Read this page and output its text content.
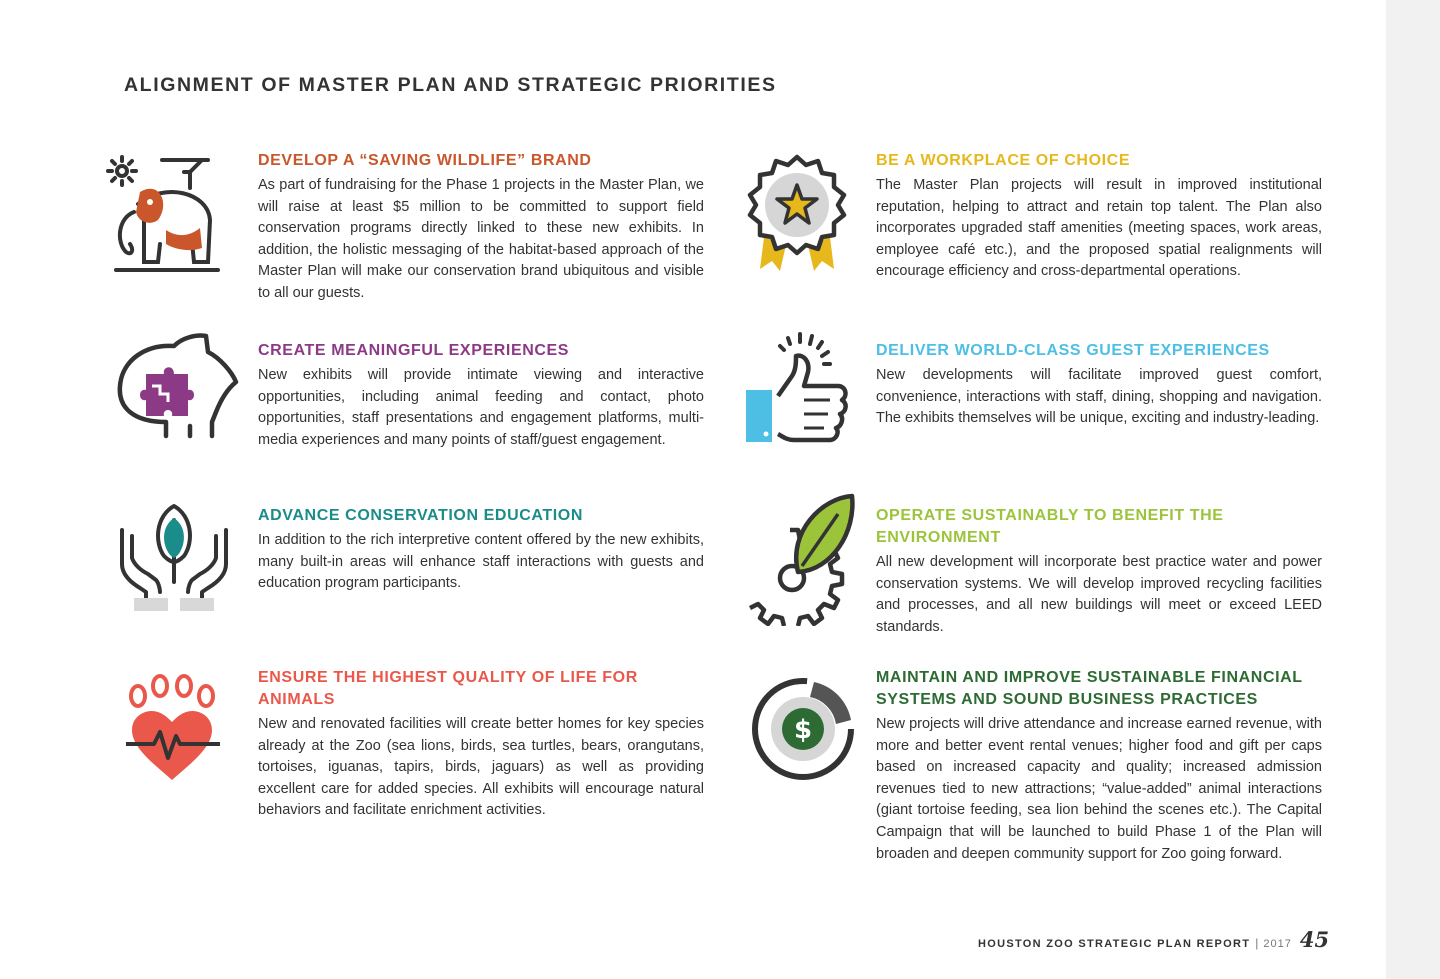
ALIGNMENT OF MASTER PLAN AND STRATEGIC PRIORITIES
DEVELOP A “SAVING WILDLIFE” BRAND

As part of fundraising for the Phase 1 projects in the Master Plan, we will raise at least $5 million to be committed to support field conservation programs directly linked to these new exhibits. In addition, the holistic messaging of the habitat-based approach of the Master Plan will make our conservation brand ubiquitous and visible to all our guests.

CREATE MEANINGFUL EXPERIENCES

New exhibits will provide intimate viewing and interactive opportunities, including animal feeding and contact, photo opportunities, staff presentations and engagement platforms, multi-media experiences and many points of staff/guest engagement.

ADVANCE CONSERVATION EDUCATION

In addition to the rich interpretive content offered by the new exhibits, many built-in areas will enhance staff interactions with guests and education program participants.

ENSURE THE HIGHEST QUALITY OF LIFE FOR ANIMALS

New and renovated facilities will create better homes for key species already at the Zoo (sea lions, birds, sea turtles, bears, orangutans, tortoises, iguanas, tapirs, birds, jaguars) as well as providing excellent care for added species. All exhibits will encourage natural behaviors and facilitate enrichment activities.

BE A WORKPLACE OF CHOICE

The Master Plan projects will result in improved institutional reputation, helping to attract and retain top talent. The Plan also incorporates upgraded staff amenities (meeting spaces, work areas, employee café etc.), and the proposed spatial realignments will encourage efficiency and cross-departmental operations.

DELIVER WORLD-CLASS GUEST EXPERIENCES

New developments will facilitate improved guest comfort, convenience, interactions with staff, dining, shopping and navigation. The exhibits themselves will be unique, exciting and industry-leading.

OPERATE SUSTAINABLY TO BENEFIT THE ENVIRONMENT

All new development will incorporate best practice water and power conservation systems. We will develop improved recycling facilities and processes, and all new buildings will meet or exceed LEED standards.

$
MAINTAIN AND IMPROVE SUSTAINABLE FINANCIAL SYSTEMS AND SOUND BUSINESS PRACTICES

New projects will drive attendance and increase earned revenue, with more and better event rental venues; higher food and gift per caps based on increased capacity and quality; increased admission revenues tied to new attractions; “value-added” animal interactions (giant tortoise feeding, sea lion behind the scenes etc.). The Capital Campaign that will be launched to build Phase 1 of the Plan will broaden and deepen community support for Zoo going forward.

HOUSTON ZOO STRATEGIC PLAN REPORT | 2017 45
